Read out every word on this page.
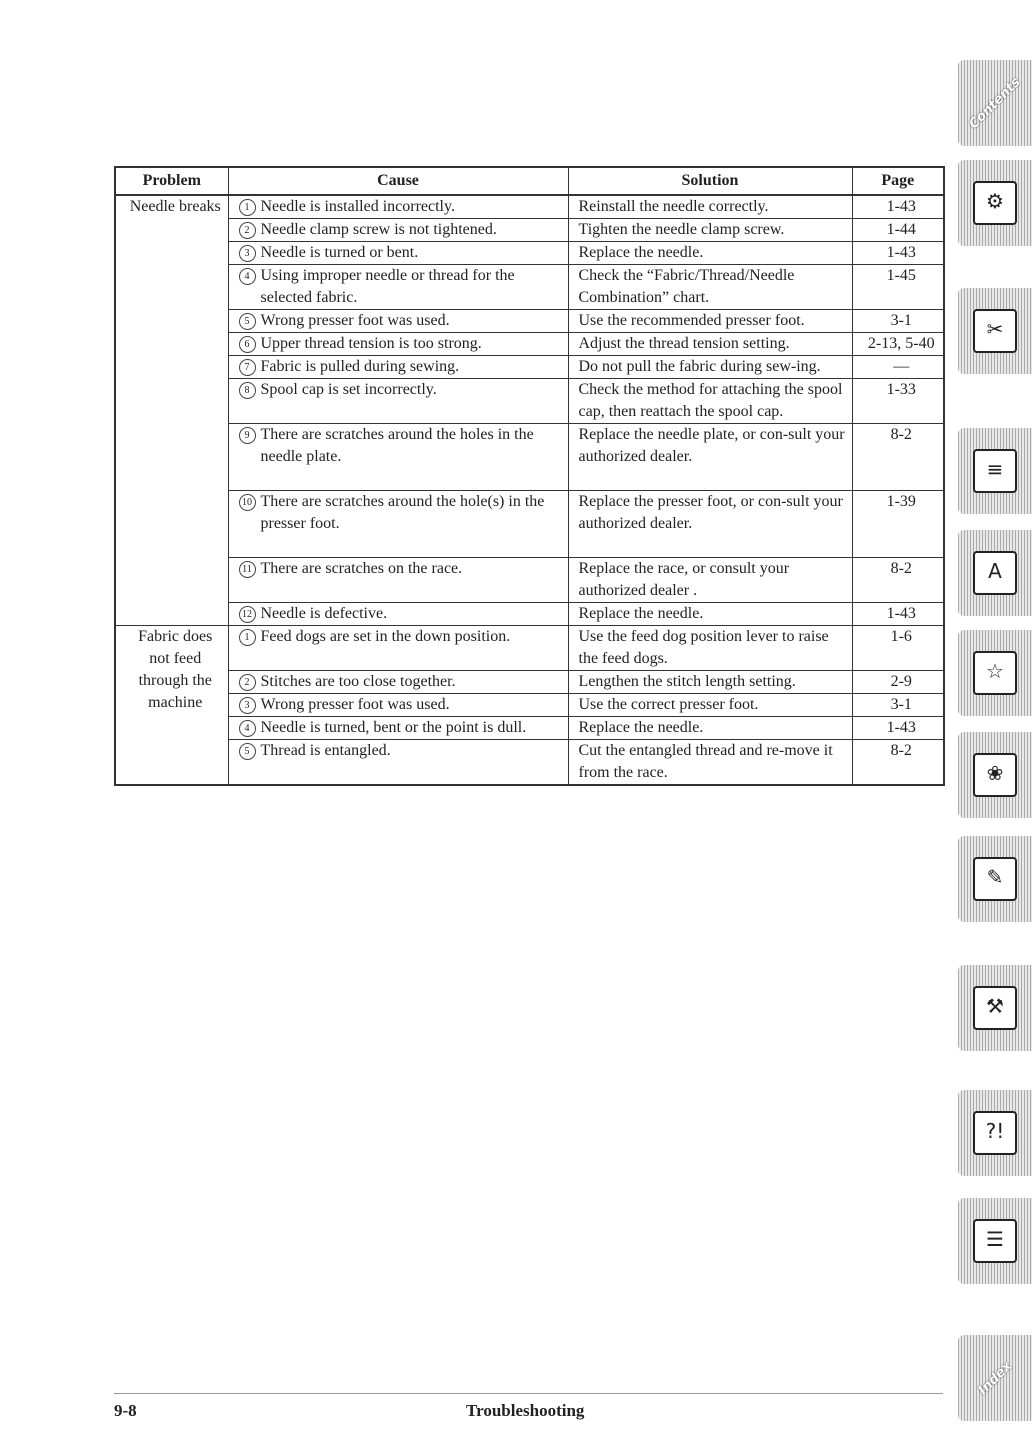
Problem	Cause	Solution	Page
Needle breaks	1 Needle is installed incorrectly.	Reinstall the needle correctly.	1-43

	2 Needle clamp screw is not tightened.	Tighten the needle clamp screw.	1-44

	3 Needle is turned or bent.	Replace the needle.	1-43

	4 Using improper needle or thread for the selected fabric.	Check the “Fabric/Thread/Needle Combination” chart.	1-45

	5 Wrong presser foot was used.	Use the recommended presser foot.	3-1

	6 Upper thread tension is too strong.	Adjust the thread tension setting.	2-13, 5-40

	7 Fabric is pulled during sewing.	Do not pull the fabric during sew-ing.	—

	8 Spool cap is set incorrectly.	Check the method for attaching the spool cap, then reattach the spool cap.	1-33

	9 There are scratches around the holes in the needle plate.	Replace the needle plate, or con-sult your authorized dealer.	8-2

	10 There are scratches around the hole(s) in the presser foot.	Replace the presser foot, or con-sult your authorized dealer.	1-39

	11 There are scratches on the race.	Replace the race, or consult your authorized dealer .	8-2

	12 Needle is defective.	Replace the needle.	1-43
Fabric does not feed through the machine	1 Feed dogs are set in the down position.	Use the feed dog position lever to raise the feed dogs.	1-6

	2 Stitches are too close together.	Lengthen the stitch length setting.	2-9

	3 Wrong presser foot was used.	Use the correct presser foot.	3-1

	4 Needle is turned, bent or the point is dull.	Replace the needle.	1-43

	5 Thread is entangled.	Cut the entangled thread and re-move it from the race.	8-2
9-8	Troubleshooting
Contents
⚙
✂
≡
A
☆
❀
✎
⚒
?!
☰
Index
